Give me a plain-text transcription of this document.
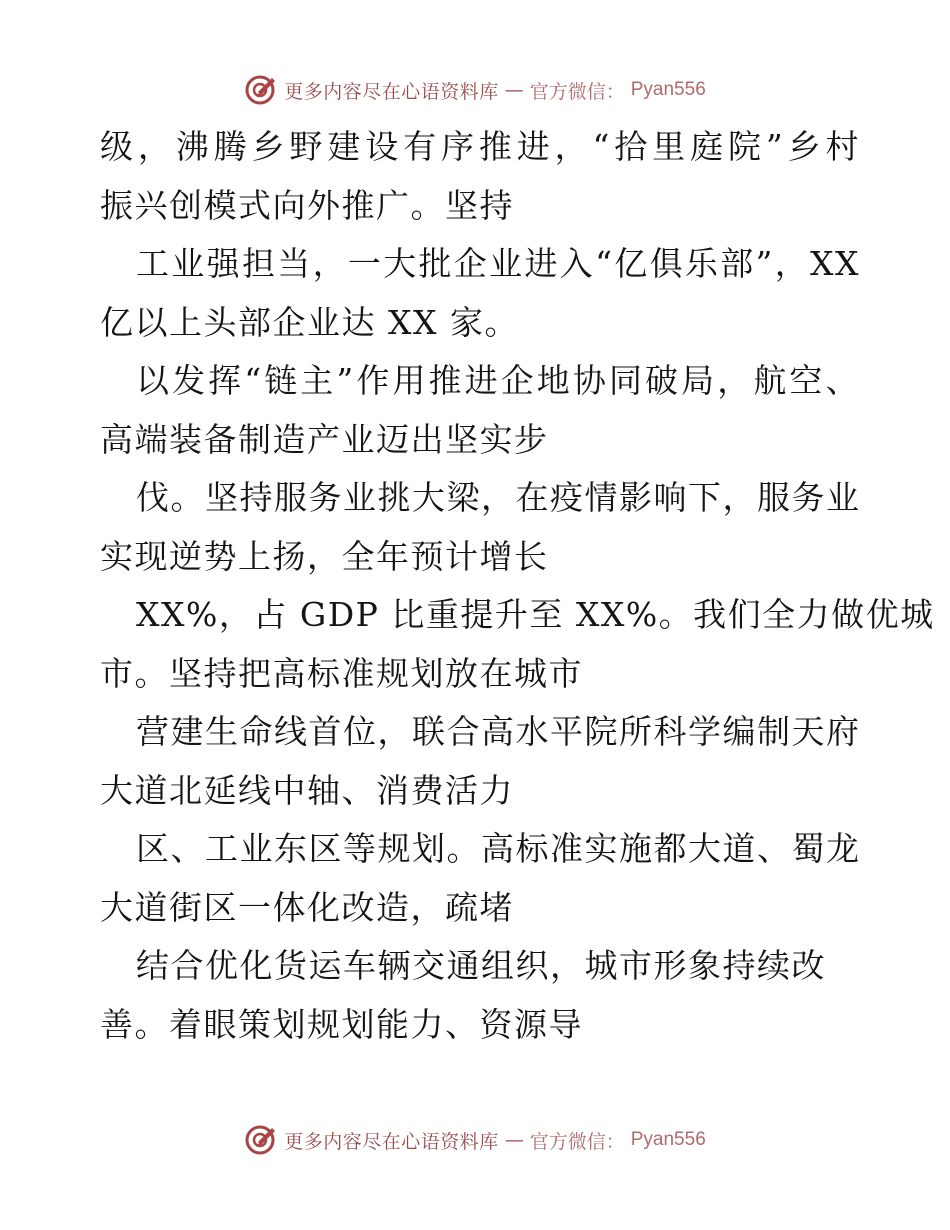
更多内容尽在心语资料库 — 官方微信： Pyan556
级，沸腾乡野建设有序推进，“拾里庭院”乡村
振兴创模式向外推广。坚持
工业强担当，一大批企业进入“亿俱乐部”，XX
亿以上头部企业达 XX 家。
以发挥“链主”作用推进企地协同破局，航空、
高端装备制造产业迈出坚实步
伐。坚持服务业挑大梁，在疫情影响下，服务业
实现逆势上扬，全年预计增长
XX%，占 GDP 比重提升至 XX%。我们全力做优城
市。坚持把高标准规划放在城市
营建生命线首位，联合高水平院所科学编制天府
大道北延线中轴、消费活力
区、工业东区等规划。高标准实施都大道、蜀龙
大道街区一体化改造，疏堵
结合优化货运车辆交通组织，城市形象持续改
善。着眼策划规划能力、资源导
更多内容尽在心语资料库 — 官方微信： Pyan556
